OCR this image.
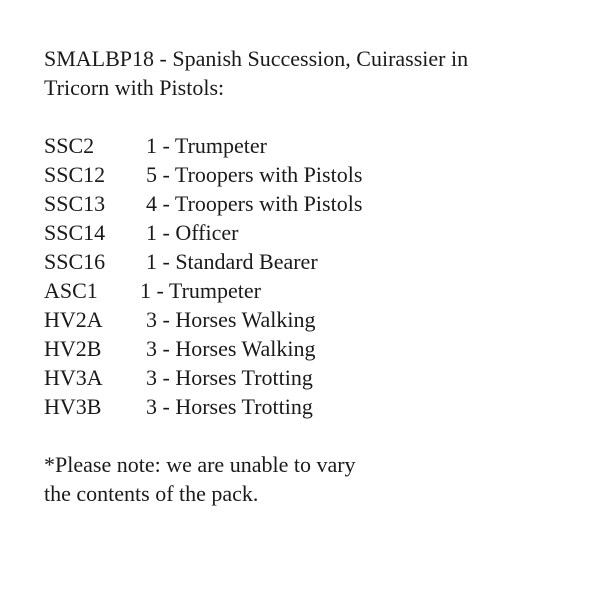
SMALBP18 - Spanish Succession, Cuirassier in
Tricorn with Pistols:
SSC2 1 - Trumpeter
SSC12 5 - Troopers with Pistols
SSC13 4 - Troopers with Pistols
SSC14 1 - Officer
SSC16 1 - Standard Bearer
ASC1 1 - Trumpeter
HV2A 3 - Horses Walking
HV2B 3 - Horses Walking
HV3A 3 - Horses Trotting
HV3B 3 - Horses Trotting

*Please note: we are unable to vary

the contents of the pack.
